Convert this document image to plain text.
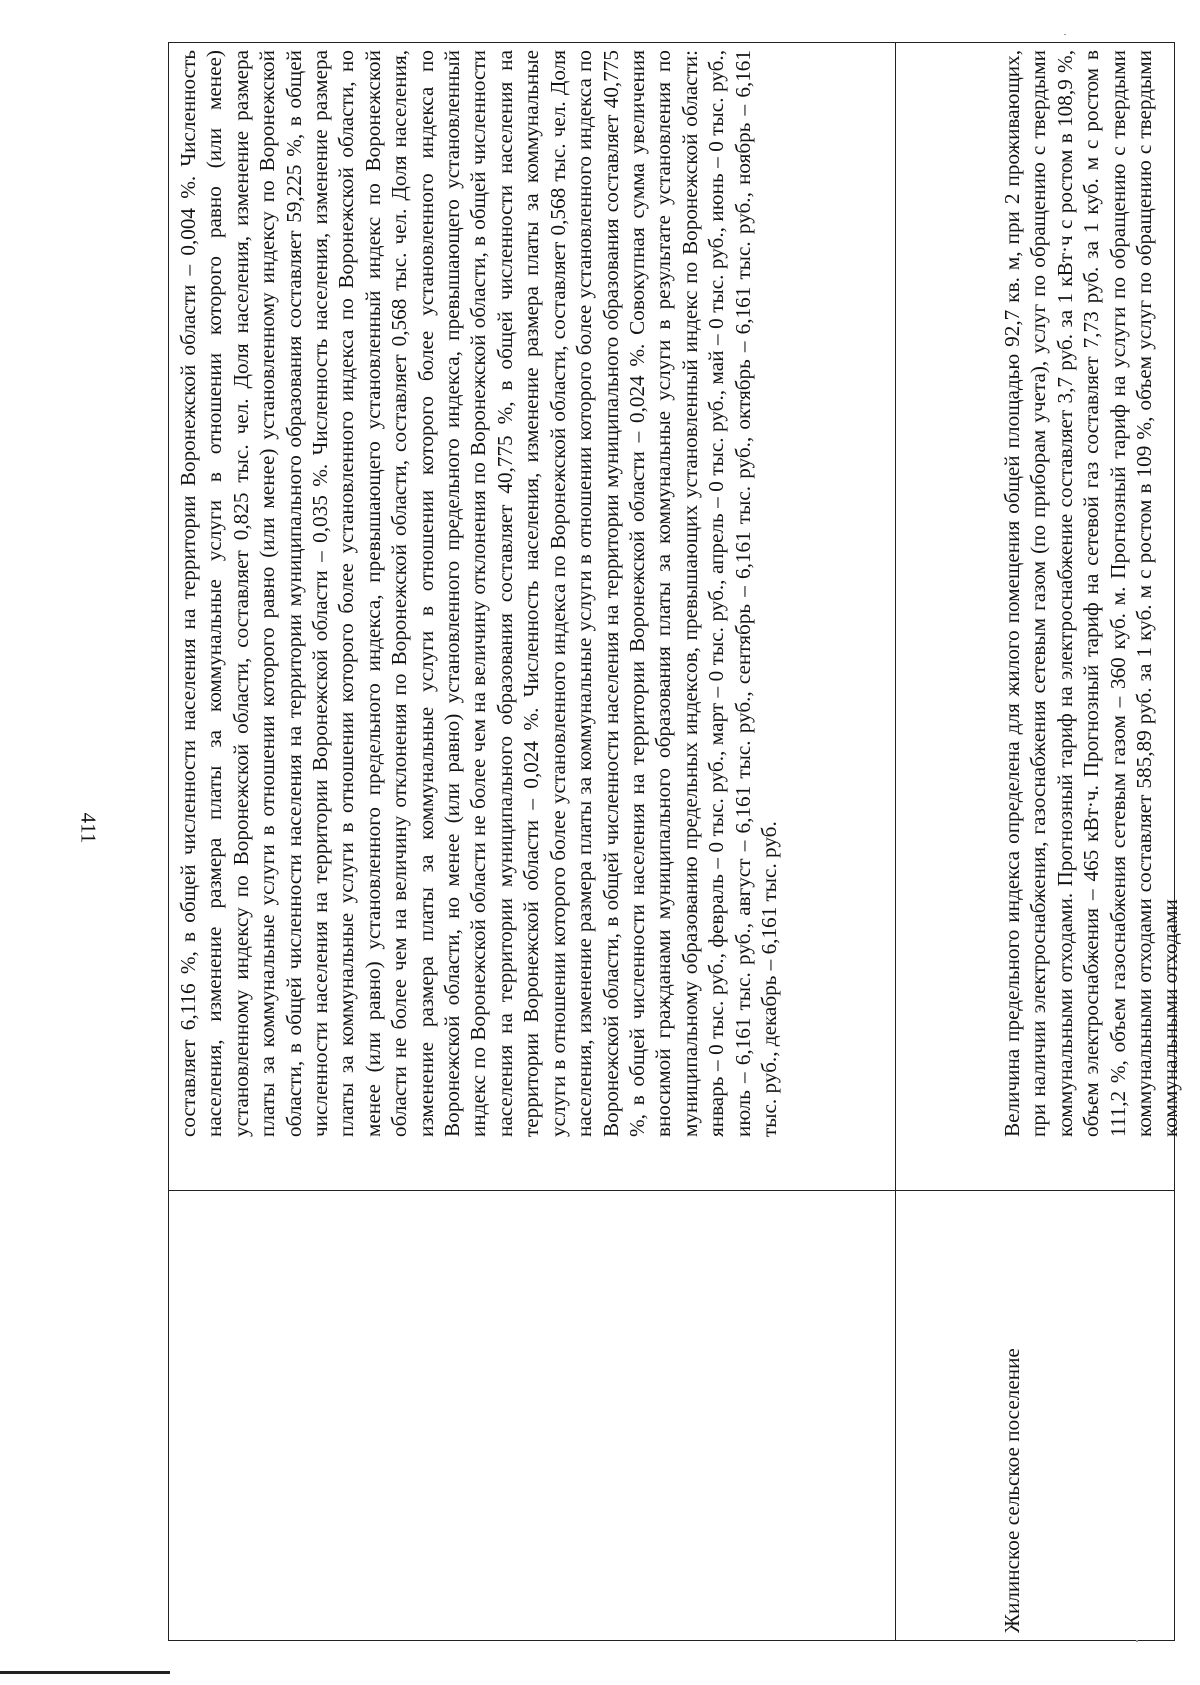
411	составляет 6,116 %, в общей численности населения на территории Воронежской области – 0,004 %. Численность населения, изменение размера платы за коммунальные услуги в отношении которого равно (или менее) установленному индексу по Воронежской области, составляет 0,825 тыс. чел. Доля населения, изменение размера платы за коммунальные услуги в отношении которого равно (или менее) установленному индексу по Воронежской области, в общей численности населения на территории муниципального образования составляет 59,225 %, в общей численности населения на территории Воронежской области – 0,035 %. Численность населения, изменение размера платы за коммунальные услуги в отношении которого более установленного индекса по Воронежской области, но менее (или равно) установленного предельного индекса, превышающего установленный индекс по Воронежской области не более чем на величину отклонения по Воронежской области, составляет 0,568 тыс. чел. Доля населения, изменение размера платы за коммунальные услуги в отношении которого более установленного индекса по Воронежской области, но менее (или равно) установленного предельного индекса, превышающего установленный индекс по Воронежской области не более чем на величину отклонения по Воронежской области, в общей численности населения на территории муниципального образования составляет 40,775 %, в общей численности населения на территории Воронежской области – 0,024 %. Численность населения, изменение размера платы за коммунальные услуги в отношении которого более установленного индекса по Воронежской области, составляет 0,568 тыс. чел. Доля населения, изменение размера платы за коммунальные услуги в отношении которого более установленного индекса по Воронежской области, в общей численности населения на территории муниципального образования составляет 40,775 %, в общей численности населения на территории Воронежской области – 0,024 %. Совокупная сумма увеличения вносимой гражданами муниципального образования платы за коммунальные услуги в результате установления по муниципальному образованию предельных индексов, превышающих установленный индекс по Воронежской области: январь – 0 тыс. руб., февраль – 0 тыс. руб., март – 0 тыс. руб., апрель – 0 тыс. руб., май – 0 тыс. руб., июнь – 0 тыс. руб., июль – 6,161 тыс. руб., август – 6,161 тыс. руб., сентябрь – 6,161 тыс. руб., октябрь – 6,161 тыс. руб., ноябрь – 6,161 тыс. руб., декабрь – 6,161 тыс. руб.

Жилинское сельское поселение

Величина предельного индекса определена для жилого помещения общей площадью 92,7 кв. м, при 2 проживающих, при наличии электроснабжения, газоснабжения сетевым газом (по приборам учета), услуг по обращению с твердыми коммунальными отходами. Прогнозный тариф на электроснабжение составляет 3,7 руб. за 1 кВт·ч с ростом в 108,9 %, объем электроснабжения – 465 кВт·ч. Прогнозный тариф на сетевой газ составляет 7,73 руб. за 1 куб. м с ростом в 111,2 %, объем газоснабжения сетевым газом – 360 куб. м. Прогнозный тариф на услуги по обращению с твердыми коммунальными отходами составляет 585,89 руб. за 1 куб. м с ростом в 109 %, объем услуг по обращению с твердыми коммунальными отходами
